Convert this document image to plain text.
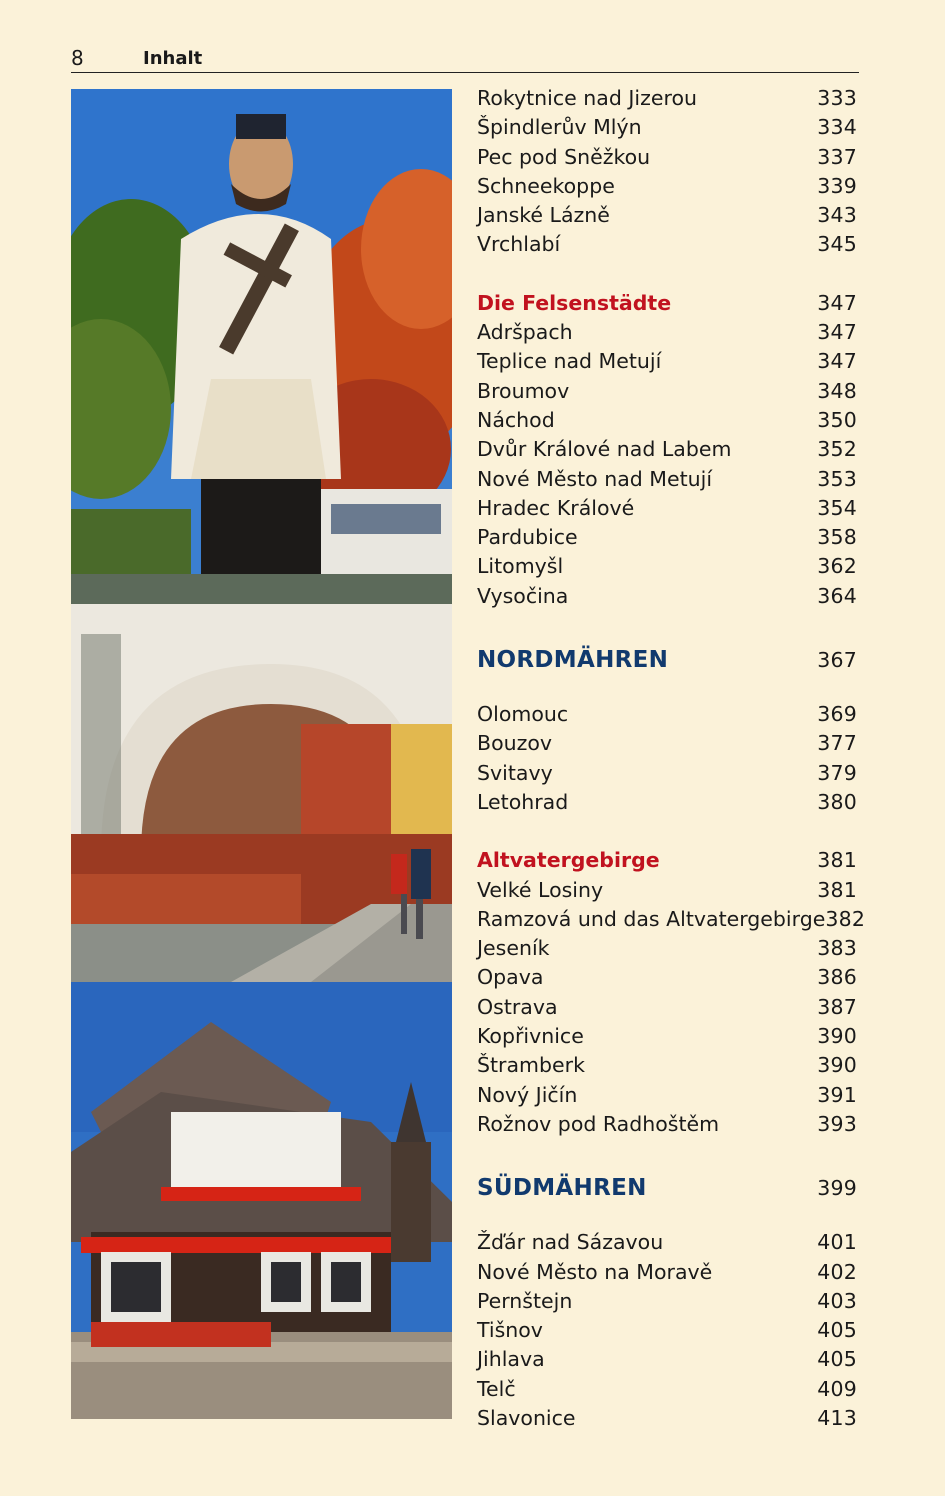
8	Inhalt
Rokytnice nad Jizerou	333
Špindlerův Mlýn	334
Pec pod Sněžkou	337
Schneekoppe	339
Janské Lázně	343
Vrchlabí	345
Die Felsenstädte	347
Adršpach	347
Teplice nad Metují	347
Broumov	348
Náchod	350
Dvůr Králové nad Labem	352
Nové Město nad Metují	353
Hradec Králové	354
Pardubice	358
Litomyšl	362
Vysočina	364
NORDMÄHREN	367
Olomouc	369
Bouzov	377
Svitavy	379
Letohrad	380
Altvatergebirge	381
Velké Losiny	381
Ramzová und das Altvatergebirge 382
Jeseník	383
Opava	386
Ostrava	387
Kopřivnice	390
Štramberk	390
Nový Jičín	391
Rožnov pod Radhoštěm	393
SÜDMÄHREN	399
Žďár nad Sázavou	401
Nové Město na Moravě	402
Pernštejn	403
Tišnov	405
Jihlava	405
Telč	409
Slavonice	413
